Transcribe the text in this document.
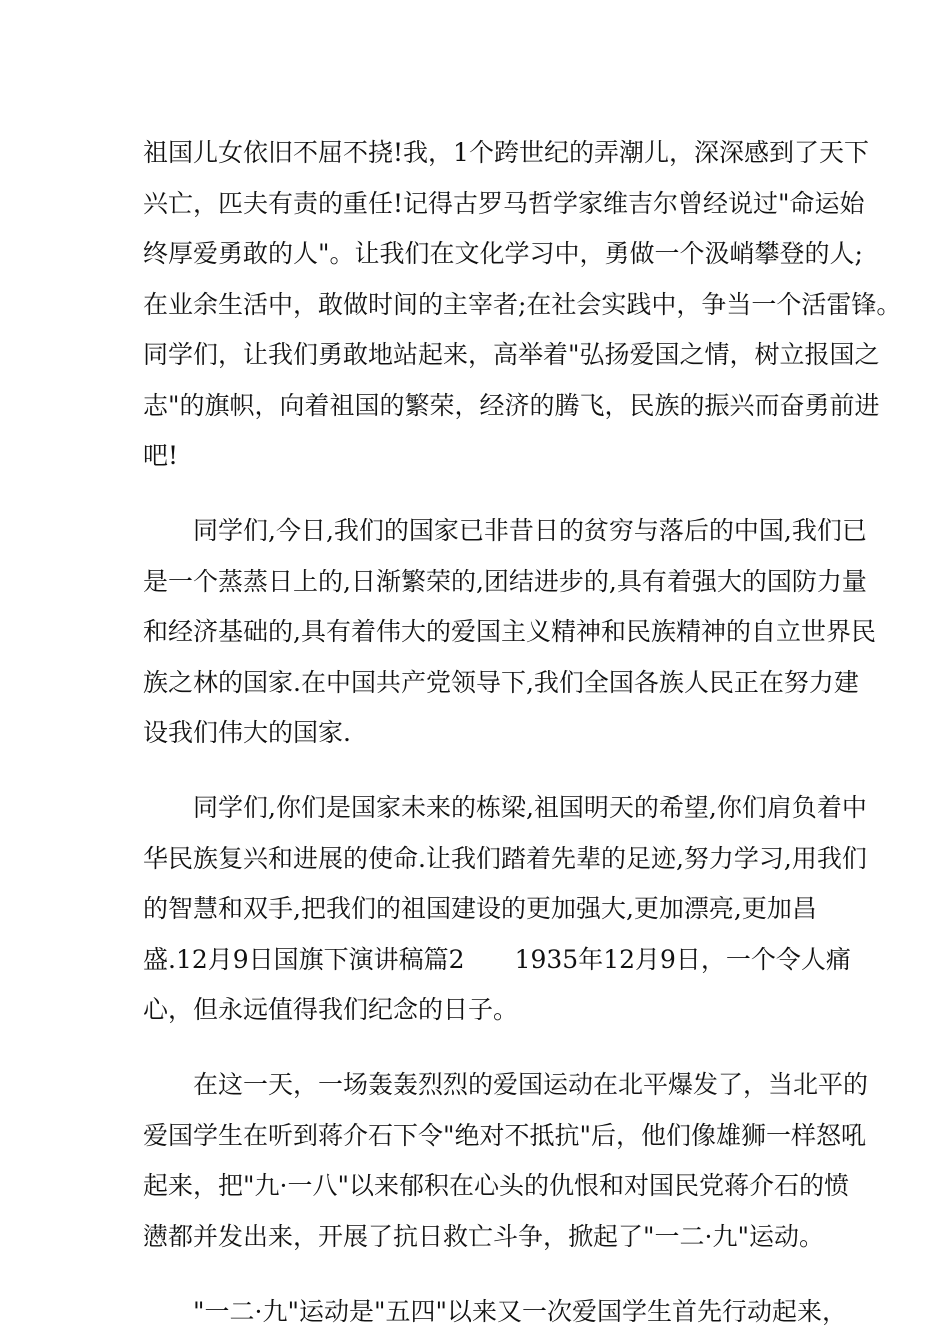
祖国儿女依旧不屈不挠!我，1个跨世纪的弄潮儿，深深感到了天下
兴亡，匹夫有责的重任!记得古罗马哲学家维吉尔曾经说过"命运始
终厚爱勇敢的人"。让我们在文化学习中，勇做一个汲峭攀登的人;
在业余生活中，敢做时间的主宰者;在社会实践中，争当一个活雷锋。
同学们，让我们勇敢地站起来，高举着"弘扬爱国之情，树立报国之
志"的旗帜，向着祖国的繁荣，经济的腾飞，民族的振兴而奋勇前进
吧!
同学们,今日,我们的国家已非昔日的贫穷与落后的中国,我们已
是一个蒸蒸日上的,日渐繁荣的,团结进步的,具有着强大的国防力量
和经济基础的,具有着伟大的爱国主义精神和民族精神的自立世界民
族之林的国家.在中国共产党领导下,我们全国各族人民正在努力建
设我们伟大的国家.
同学们,你们是国家未来的栋梁,祖国明天的希望,你们肩负着中
华民族复兴和进展的使命.让我们踏着先辈的足迹,努力学习,用我们
的智慧和双手,把我们的祖国建设的更加强大,更加漂亮,更加昌
盛.12月9日国旗下演讲稿篇2　　1935年12月9日，一个令人痛
心，但永远值得我们纪念的日子。
在这一天，一场轰轰烈烈的爱国运动在北平爆发了，当北平的
爱国学生在听到蒋介石下令"绝对不抵抗"后，他们像雄狮一样怒吼
起来，把"九·一八"以来郁积在心头的仇恨和对国民党蒋介石的愤
懑都并发出来，开展了抗日救亡斗争，掀起了"一二·九"运动。
"一二·九"运动是"五四"以来又一次爱国学生首先行动起来，
